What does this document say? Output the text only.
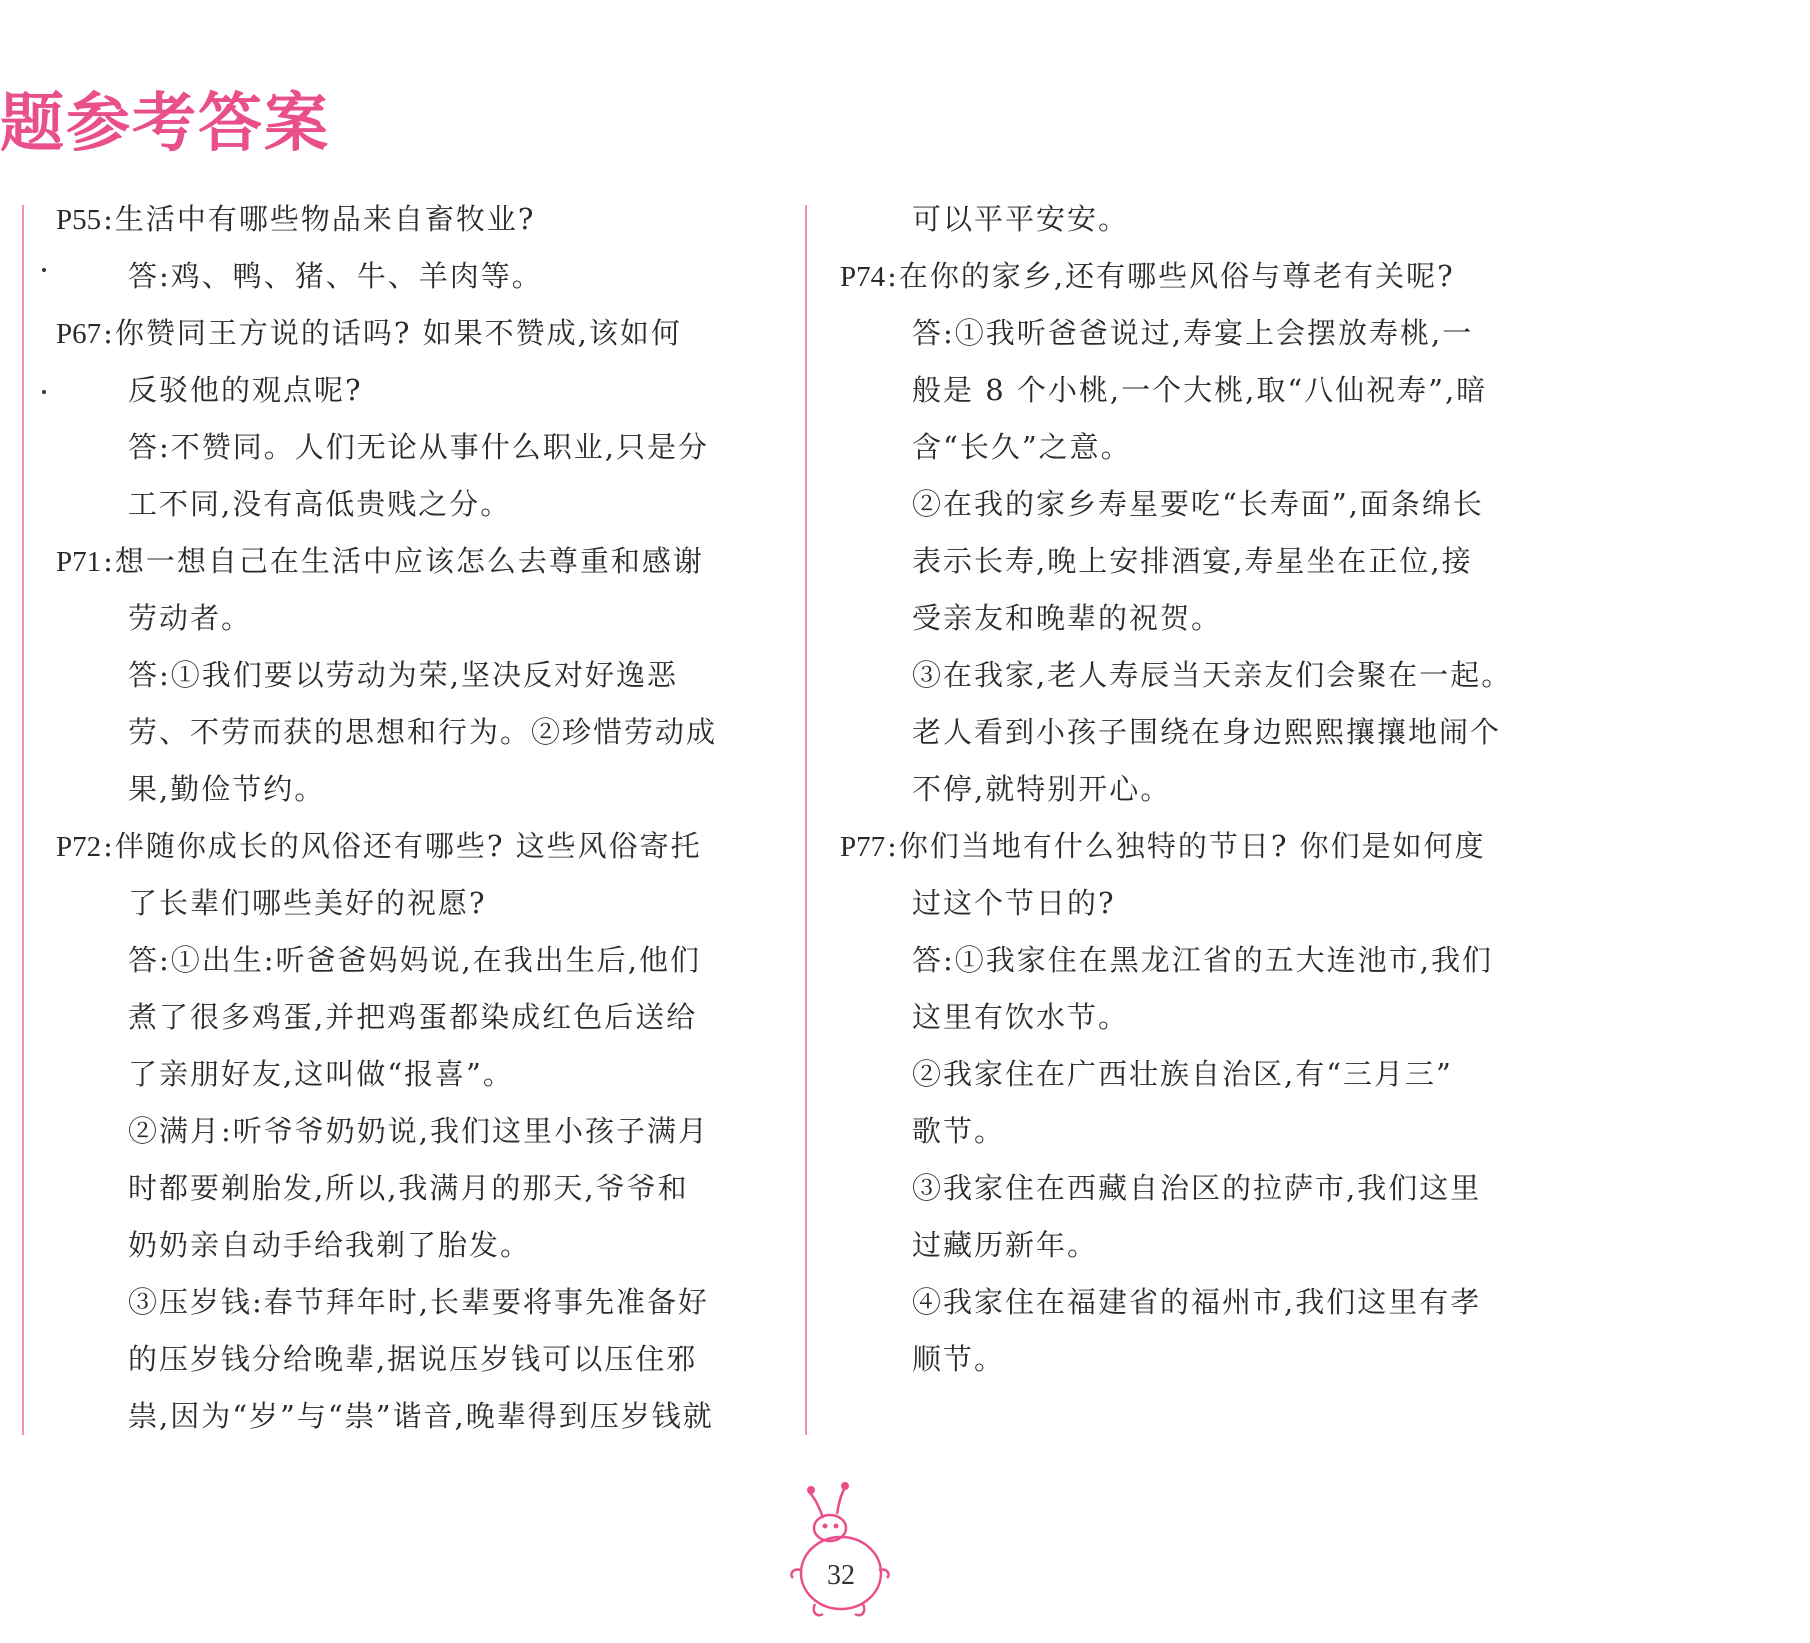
题参考答案
P55:生活中有哪些物品来自畜牧业?
答:鸡、鸭、猪、牛、羊肉等。
P67:你赞同王方说的话吗? 如果不赞成,该如何
反驳他的观点呢?
答:不赞同。人们无论从事什么职业,只是分
工不同,没有高低贵贱之分。
P71:想一想自己在生活中应该怎么去尊重和感谢
劳动者。
答:①我们要以劳动为荣,坚决反对好逸恶
劳、不劳而获的思想和行为。②珍惜劳动成
果,勤俭节约。
P72:伴随你成长的风俗还有哪些? 这些风俗寄托
了长辈们哪些美好的祝愿?
答:①出生:听爸爸妈妈说,在我出生后,他们
煮了很多鸡蛋,并把鸡蛋都染成红色后送给
了亲朋好友,这叫做“报喜”。
②满月:听爷爷奶奶说,我们这里小孩子满月
时都要剃胎发,所以,我满月的那天,爷爷和
奶奶亲自动手给我剃了胎发。
③压岁钱:春节拜年时,长辈要将事先准备好
的压岁钱分给晚辈,据说压岁钱可以压住邪
祟,因为“岁”与“祟”谐音,晚辈得到压岁钱就
可以平平安安。
P74:在你的家乡,还有哪些风俗与尊老有关呢?
答:①我听爸爸说过,寿宴上会摆放寿桃,一
般是 8 个小桃,一个大桃,取“八仙祝寿”,暗
含“长久”之意。
②在我的家乡寿星要吃“长寿面”,面条绵长
表示长寿,晚上安排酒宴,寿星坐在正位,接
受亲友和晚辈的祝贺。
③在我家,老人寿辰当天亲友们会聚在一起。
老人看到小孩子围绕在身边熙熙攘攘地闹个
不停,就特别开心。
P77:你们当地有什么独特的节日? 你们是如何度
过这个节日的?
答:①我家住在黑龙江省的五大连池市,我们
这里有饮水节。
②我家住在广西壮族自治区,有“三月三”
歌节。
③我家住在西藏自治区的拉萨市,我们这里
过藏历新年。
④我家住在福建省的福州市,我们这里有孝
顺节。
32
